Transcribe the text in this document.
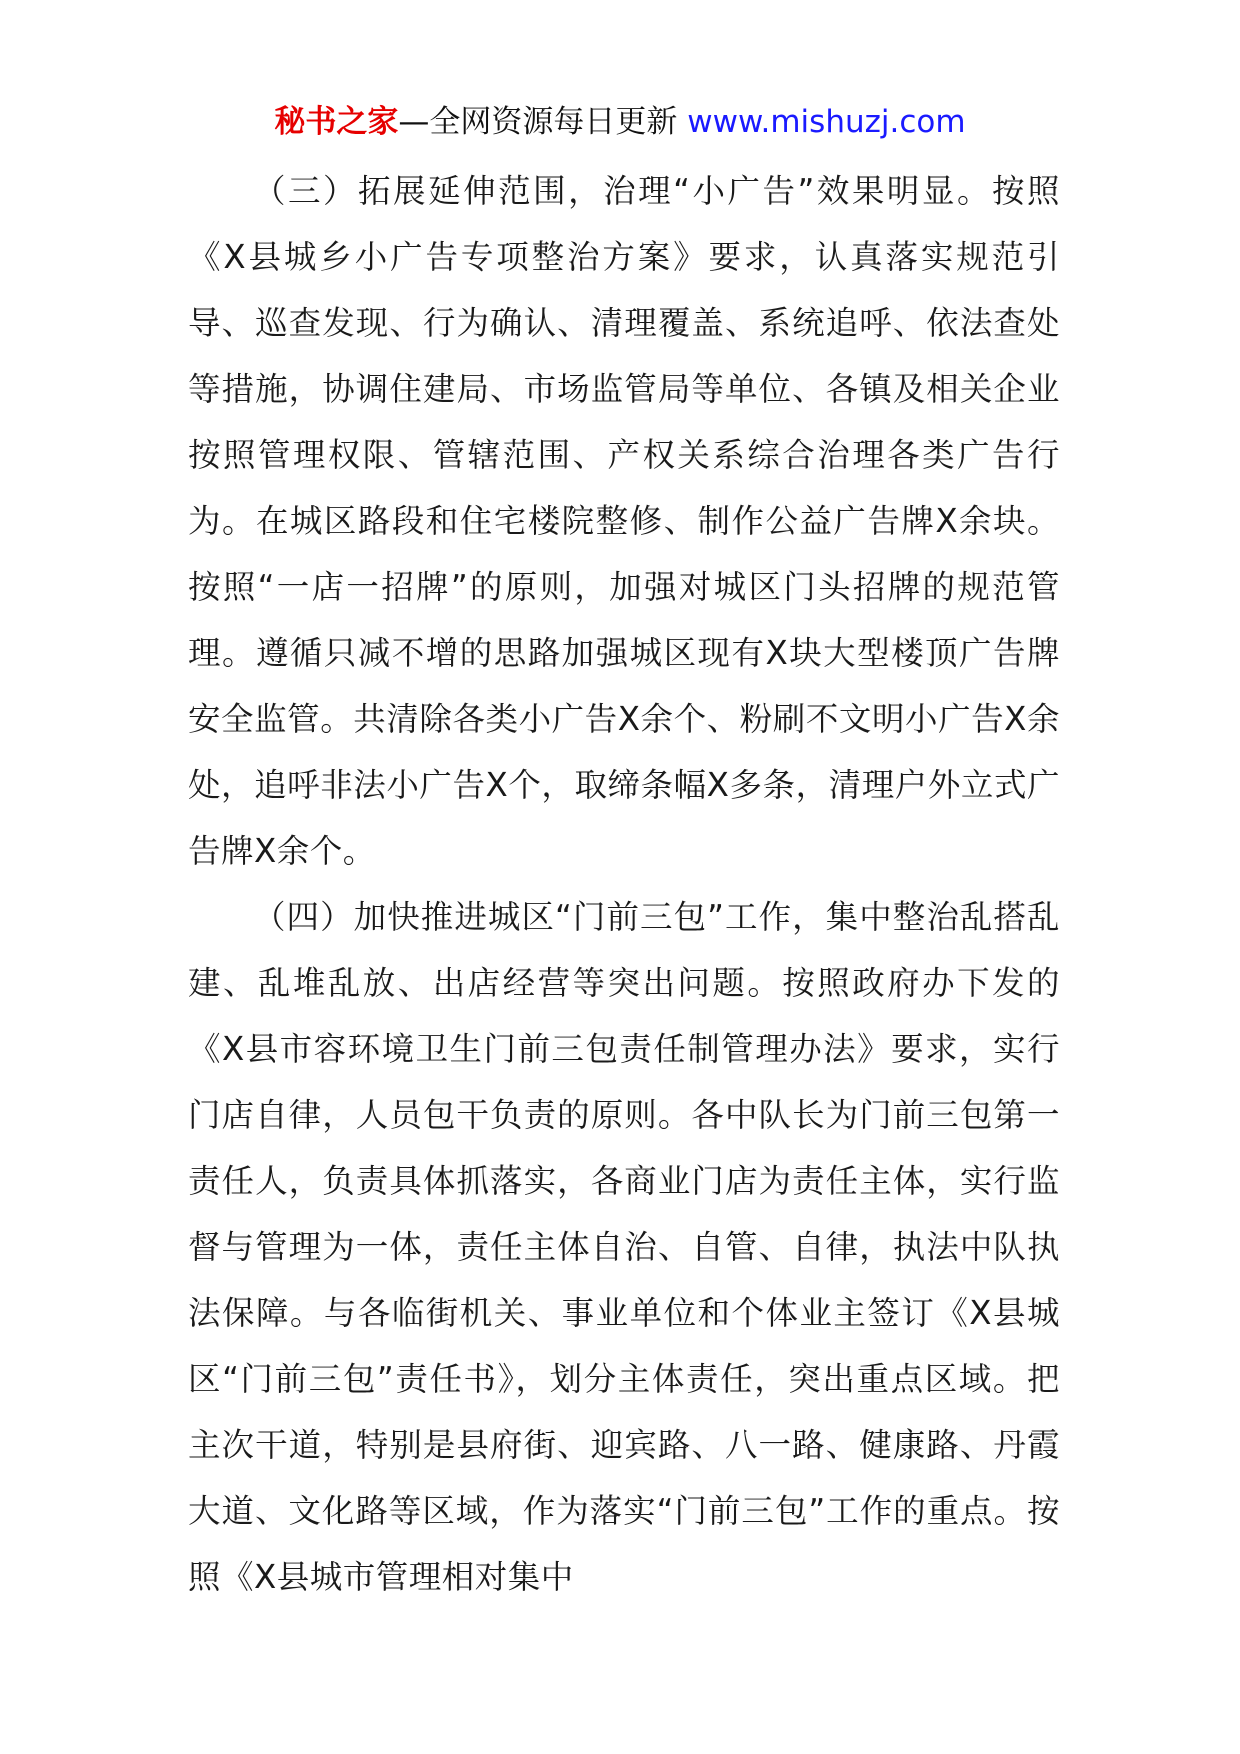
秘书之家—全网资源每日更新 www.mishuzj.com

（三）拓展延伸范围，治理“小广告”效果明显。按照《X县城乡小广告专项整治方案》要求，认真落实规范引导、巡查发现、行为确认、清理覆盖、系统追呼、依法查处等措施，协调住建局、市场监管局等单位、各镇及相关企业按照管理权限、管辖范围、产权关系综合治理各类广告行为。在城区路段和住宅楼院整修、制作公益广告牌X余块。按照“一店一招牌”的原则，加强对城区门头招牌的规范管理。遵循只减不增的思路加强城区现有X块大型楼顶广告牌安全监管。共清除各类小广告X余个、粉刷不文明小广告X余处，追呼非法小广告X个，取缔条幅X多条，清理户外立式广告牌X余个。

（四）加快推进城区“门前三包”工作，集中整治乱搭乱建、乱堆乱放、出店经营等突出问题。按照政府办下发的《X县市容环境卫生门前三包责任制管理办法》要求，实行门店自律，人员包干负责的原则。各中队长为门前三包第一责任人，负责具体抓落实，各商业门店为责任主体，实行监督与管理为一体，责任主体自治、自管、自律，执法中队执法保障。与各临街机关、事业单位和个体业主签订《X县城区“门前三包”责任书》，划分主体责任，突出重点区域。把主次干道，特别是县府街、迎宾路、八一路、健康路、丹霞大道、文化路等区域，作为落实“门前三包”工作的重点。按照《X县城市管理相对集中
